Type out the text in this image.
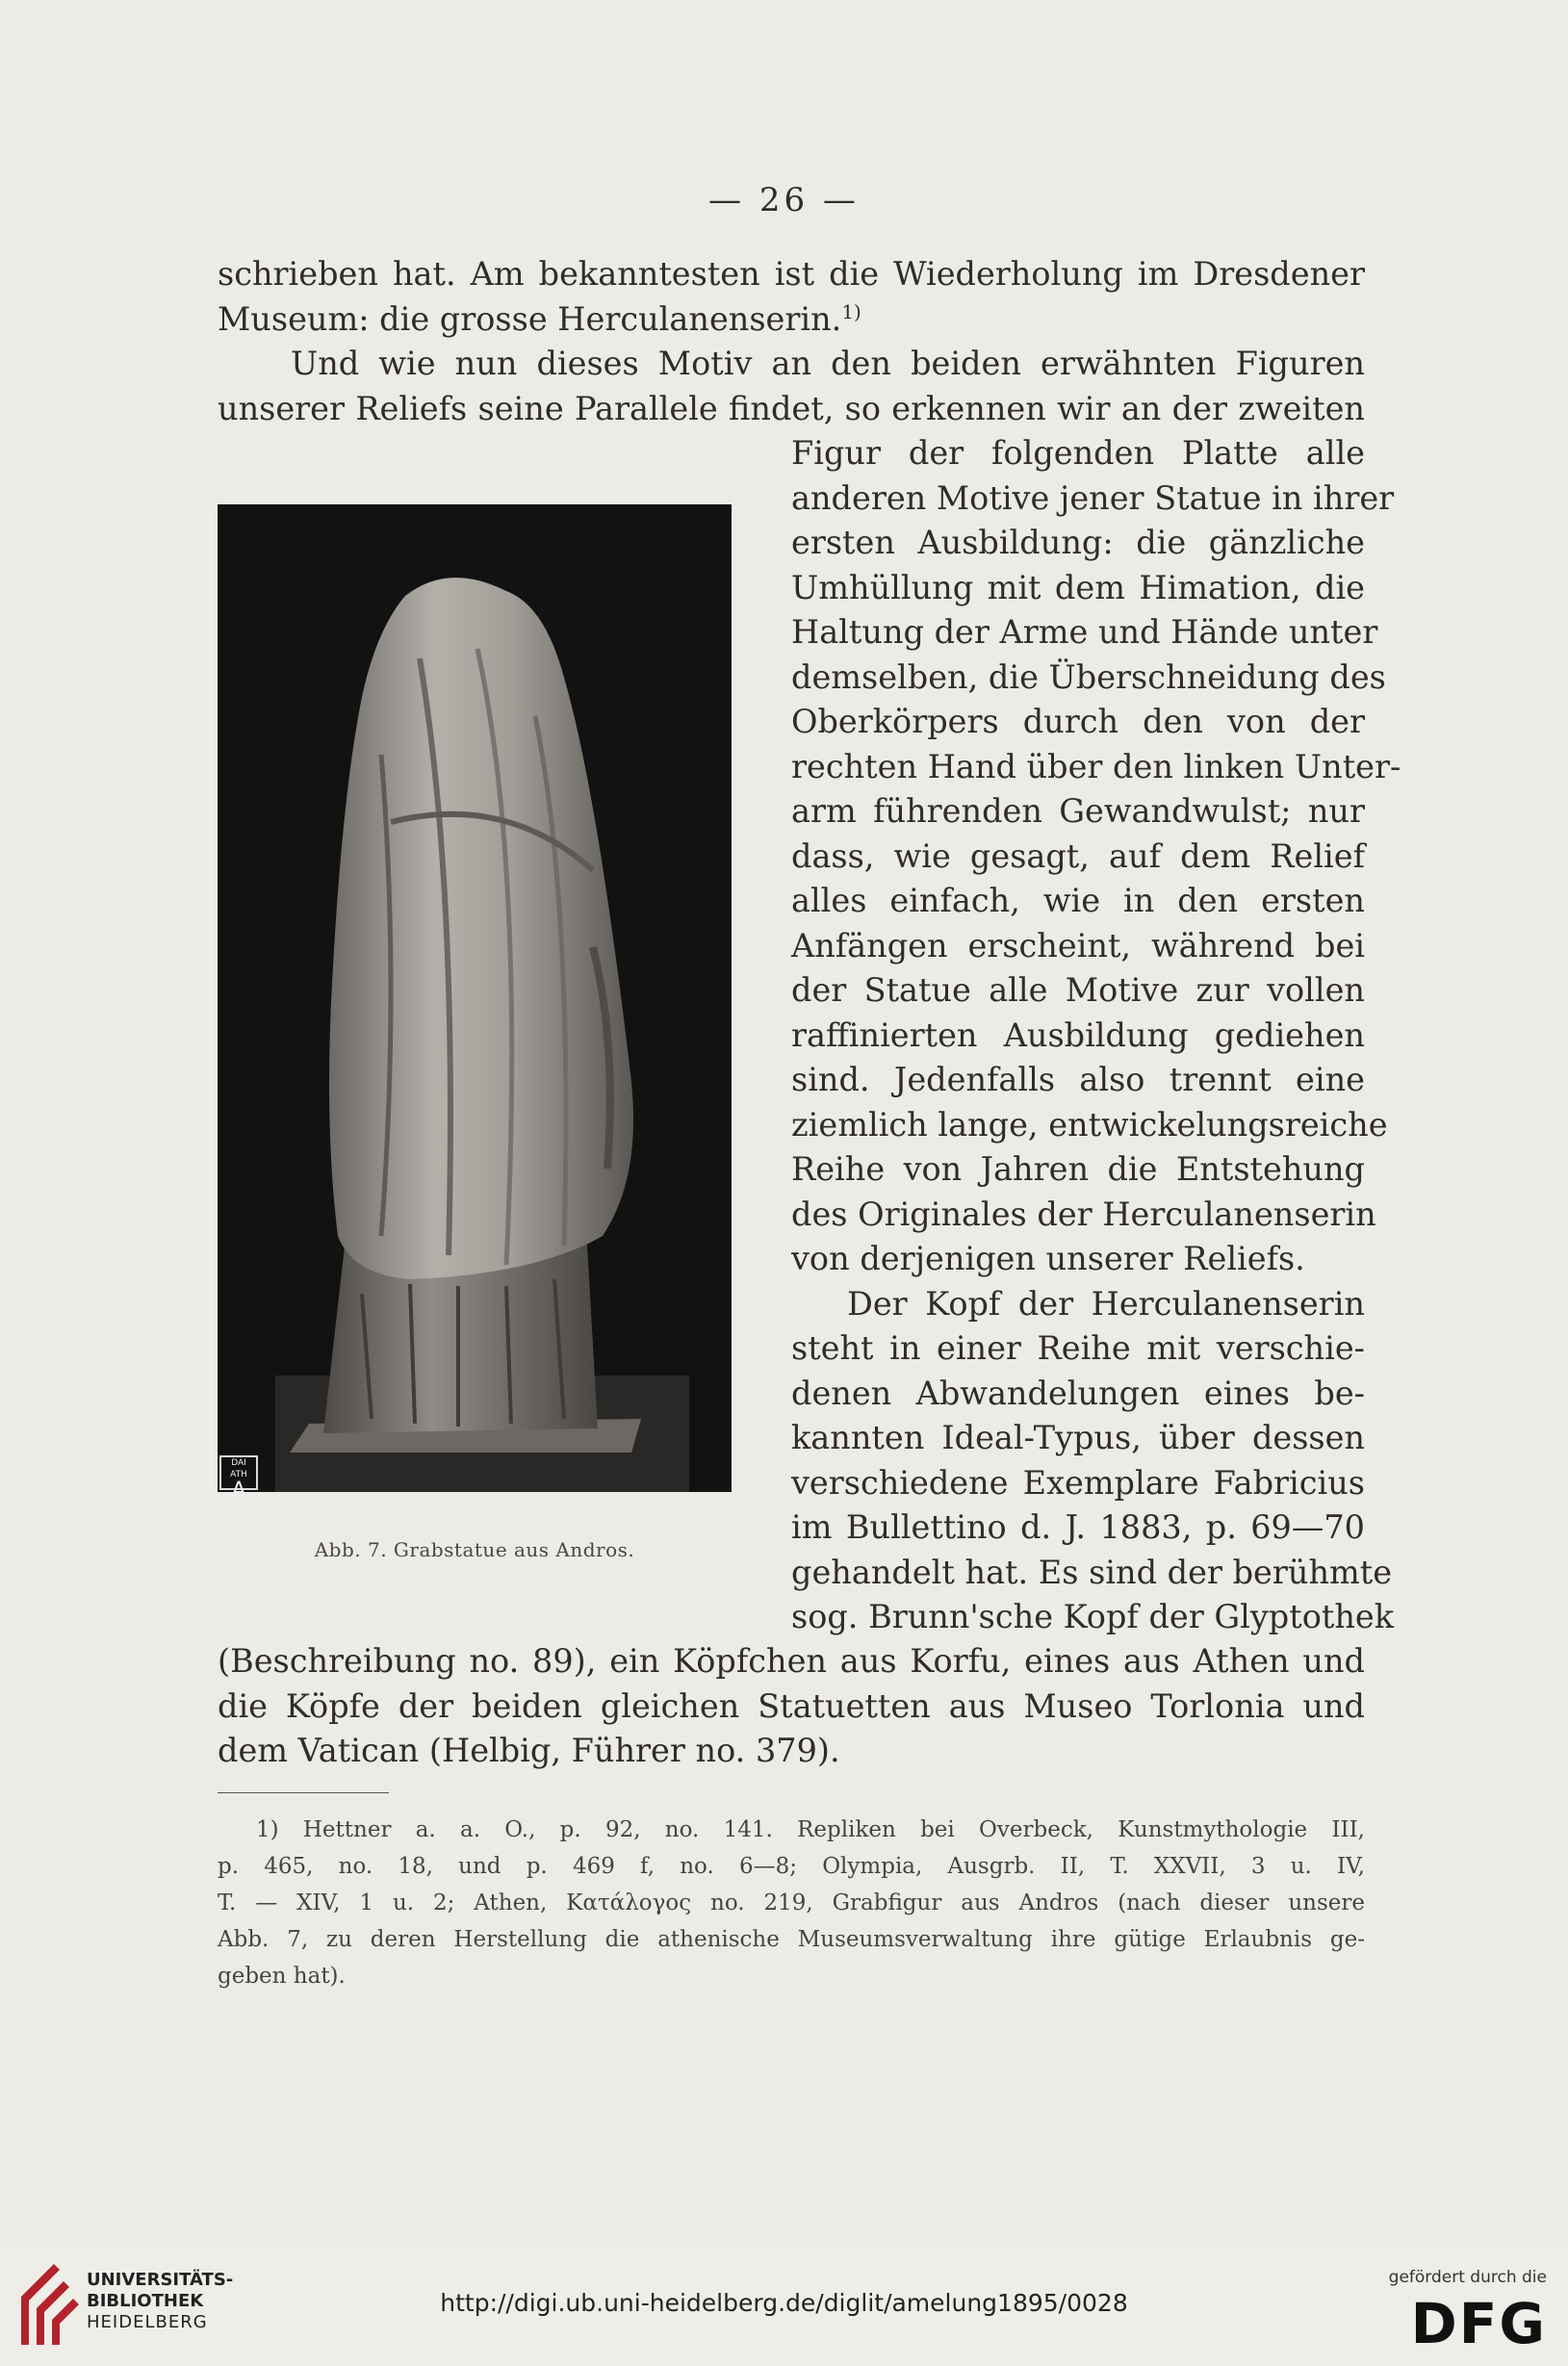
— 26 —
schrieben hat. Am bekanntesten ist die Wiederholung im Dresdener
Museum: die grosse Herculanenserin.$^{1)}$
Und wie nun dieses Motiv an den beiden erwähnten Figuren
unserer Reliefs seine Parallele findet, so erkennen wir an der zweiten
Figur der folgenden Platte alle
anderen Motive jener Statue in ihrer
ersten Ausbildung: die gänzliche
Umhüllung mit dem Himation, die
Haltung der Arme und Hände unter
demselben, die Überschneidung des
Oberkörpers durch den von der
rechten Hand über den linken Unter-
arm führenden Gewandwulst; nur
dass, wie gesagt, auf dem Relief
alles einfach, wie in den ersten
Anfängen erscheint, während bei
der Statue alle Motive zur vollen
raffinierten Ausbildung gediehen
sind. Jedenfalls also trennt eine
ziemlich lange, entwickelungsreiche
Reihe von Jahren die Entstehung
des Originales der Herculanenserin
von derjenigen unserer Reliefs.
Der Kopf der Herculanenserin
steht in einer Reihe mit verschie-
denen Abwandelungen eines be-
kannten Ideal-Typus, über dessen
verschiedene Exemplare Fabricius
im Bullettino d. J. 1883, p. 69—70
gehandelt hat. Es sind der berühmte
sog. Brunn'sche Kopf der Glyptothek
DAI ATH
A
Abb. 7. Grabstatue aus Andros.
(Beschreibung no. 89), ein Köpfchen aus Korfu, eines aus Athen und
die Köpfe der beiden gleichen Statuetten aus Museo Torlonia und
dem Vatican (Helbig, Führer no. 379).
1) Hettner a. a. O., p. 92, no. 141. Repliken bei Overbeck, Kunstmythologie III,
p. 465, no. 18, und p. 469 f, no. 6—8; Olympia, Ausgrb. II, T. XXVII, 3 u. IV,
T. — XIV, 1 u. 2; Athen, Κατάλογος no. 219, Grabfigur aus Andros (nach dieser unsere
Abb. 7, zu deren Herstellung die athenische Museumsverwaltung ihre gütige Erlaubnis ge-
geben hat).
UNIVERSITÄTS-
BIBLIOTHEK
HEIDELBERG
http://digi.ub.uni-heidelberg.de/diglit/amelung1895/0028
gefördert durch die
DFG
